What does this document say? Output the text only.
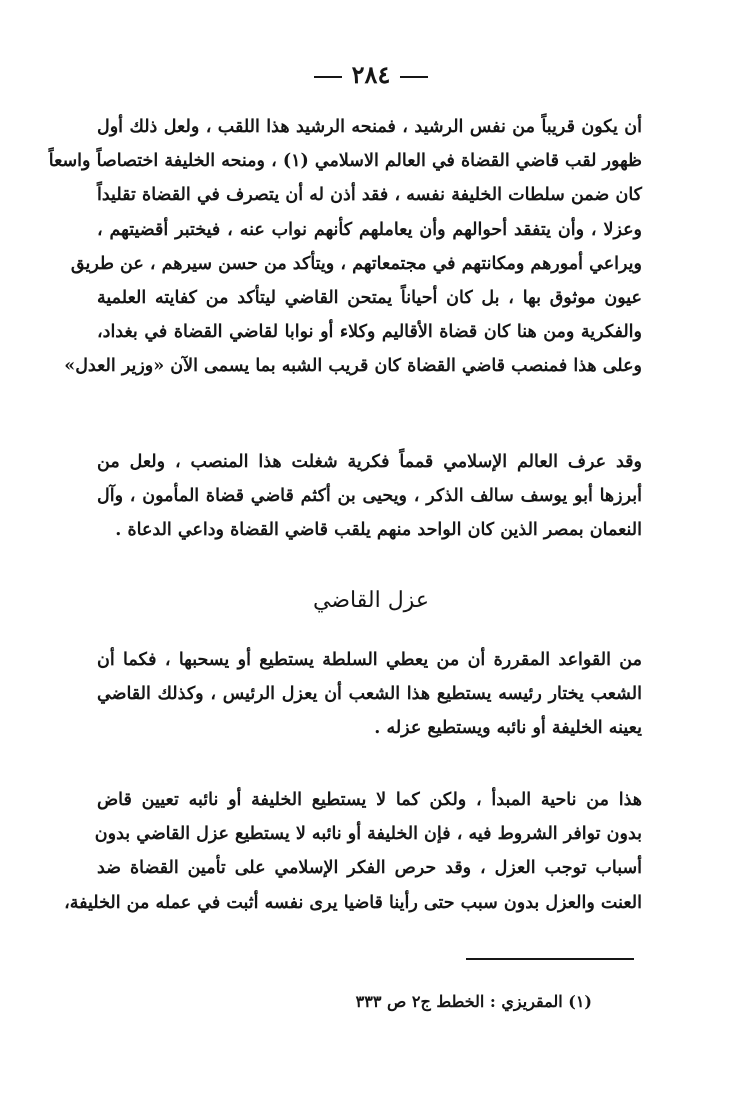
٢٨٤
أن يكون قريباً من نفس الرشيد ، فمنحه الرشيد هذا اللقب ، ولعل ذلك أول
ظهور لقب قاضي القضاة في العالم الاسلامي (١) ، ومنحه الخليفة اختصاصاً واسعاً
كان ضمن سلطات الخليفة نفسه ، فقد أذن له أن يتصرف في القضاة تقليداً
وعزلا ، وأن يتفقد أحوالهم وأن يعاملهم كأنهم نواب عنه ، فيختبر أقضيتهم ،
ويراعي أمورهم ومكانتهم في مجتمعاتهم ، ويتأكد من حسن سيرهم ، عن طريق
عيون موثوق بها ، بل كان أحياناً يمتحن القاضي ليتأكد من كفايته العلمية
والفكرية ومن هنا كان قضاة الأقاليم وكلاء أو نوابا لقاضي القضاة في بغداد،
وعلى هذا فمنصب قاضي القضاة كان قريب الشبه بما يسمى الآن «وزير العدل»
وقد عرف العالم الإسلامي قمماً فكرية شغلت هذا المنصب ، ولعل من
أبرزها أبو يوسف سالف الذكر ، ويحيى بن أكثم قاضي قضاة المأمون ، وآل
النعمان بمصر الذين كان الواحد منهم يلقب قاضي القضاة وداعي الدعاة .
عزل القاضي
من القواعد المقررة أن من يعطي السلطة يستطيع أو يسحبها ، فكما أن
الشعب يختار رئيسه يستطيع هذا الشعب أن يعزل الرئيس ، وكذلك القاضي
يعينه الخليفة أو نائبه ويستطيع عزله .
هذا من ناحية المبدأ ، ولكن كما لا يستطيع الخليفة أو نائبه تعيين قاض
بدون توافر الشروط فيه ، فإن الخليفة أو نائبه لا يستطيع عزل القاضي بدون
أسباب توجب العزل ، وقد حرص الفكر الإسلامي على تأمين القضاة ضد
العنت والعزل بدون سبب حتى رأينا قاضيا يرى نفسه أثبت في عمله من الخليفة،
(١) المقريزي : الخطط ج٢ ص ٣٣٣
